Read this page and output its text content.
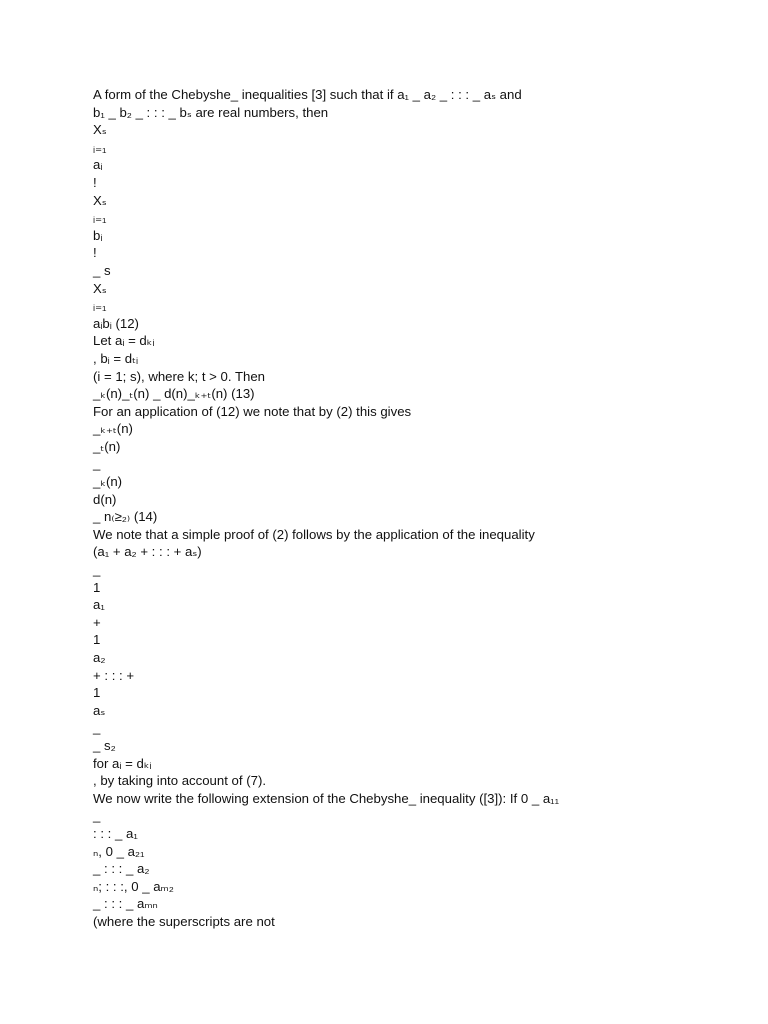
A form of the Chebyshe_ inequalities [3] such that if a₁ _ a₂ _ : : : _ aₛ and
b₁ _ b₂ _ : : : _ bₛ are real numbers, then
Xₛ
ᵢ₌₁
aᵢ
!
Xₛ
ᵢ₌₁
bᵢ
!
_ s
Xₛ
ᵢ₌₁
aᵢbᵢ (12)
Let aᵢ = dₖᵢ
, bᵢ = dₜᵢ
(i = 1; s), where k; t > 0. Then
_ₖ(n)_ₜ(n) _ d(n)_ₖ₊ₜ(n) (13)
For an application of (12) we note that by (2) this gives
_ₖ₊ₜ(n)
_ₜ(n)
_
_ₖ(n)
d(n)
_ n₍≥₂₎ (14)
We note that a simple proof of (2) follows by the application of the inequality
(a₁ + a₂ + : : : + aₛ)
_
1
a₁
+
1
a₂
+ : : : +
1
aₛ
_
_ s₂
for aᵢ = dₖᵢ
, by taking into account of (7).
We now write the following extension of the Chebyshe_ inequality ([3]): If 0 _ a₁₁
_
: : : _ a₁
ₙ, 0 _ a₂₁
_ : : : _ a₂
ₙ; : : :, 0 _ aₘ₂
_ : : : _ aₘₙ
(where the superscripts are not
